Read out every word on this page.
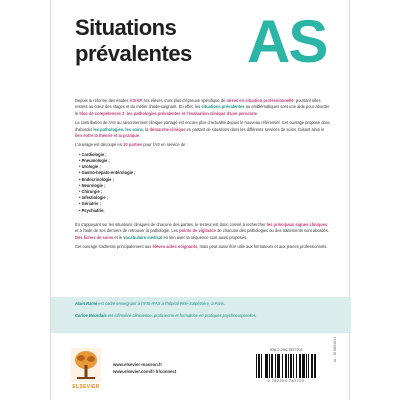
Situations
prévalentes AS

Depuis la réforme des études AS/AP, les élèves n'ont plus d'épreuve spécifique de mises en situation professionnelle, pourtant elles restent au cœur des stages et du métier d'aide-soignant. En effet, les situations prévalentes ou emblématiques sont une aide pour aborder le bloc de compétences 2: les pathologies prévalentes et l'évaluation clinique d'une personne.

La contribution de l'AS au raisonnement clinique partagé est encore plus d'actualité depuis le nouveau référentiel. Cet ouvrage propose donc d'aborder les pathologies, les soins, la démarche clinique en partant de situations dans les différents services de soins, faisant ainsi le lien entre la théorie et la pratique.

L'ouvrage est découpé en 10 parties pour l'AS en service de :

• Cardiologie ;
• Pneumologie ;
• Urologie ;
• Gastro-hépato-entérologie ;
• Endocrinologie ;
• Neurologie ;
• Chirurgie ;
• Infectiologie ;
• Gériatrie ;
• Psychiatrie.

En s'appuyant sur les situations cliniques de chacune des parties, le lecteur est donc convié à rechercher les principaux signes cliniques et à l'aide de ses derniers de retrouver la pathologie. Les points de vigilance de chacune des pathologies ou des traitements sont abordés. Des fiches de soins et le vocabulaire médical en lien avec la séquence sont aussi proposés.

Cet ouvrage s'adresse principalement aux élèves aides-soignants, mais peut aussi être utile aux formateurs et aux jeunes professionnels.

Alain Ramé est cadre enseignant à l'IFSI-IFAS à l'hôpital Pitié-Salpêtrière, à Paris.
Carine Bourdais est infirmière-clinicienne, praticienne et formatrice en pratiques psychocorporelles.
ELSEVIER
www.elsevier-masson.fr
www.elsevier.com/fr-fr/connect
978-2-294-78772-0
9 782294 787720
AI - ID 6654844
